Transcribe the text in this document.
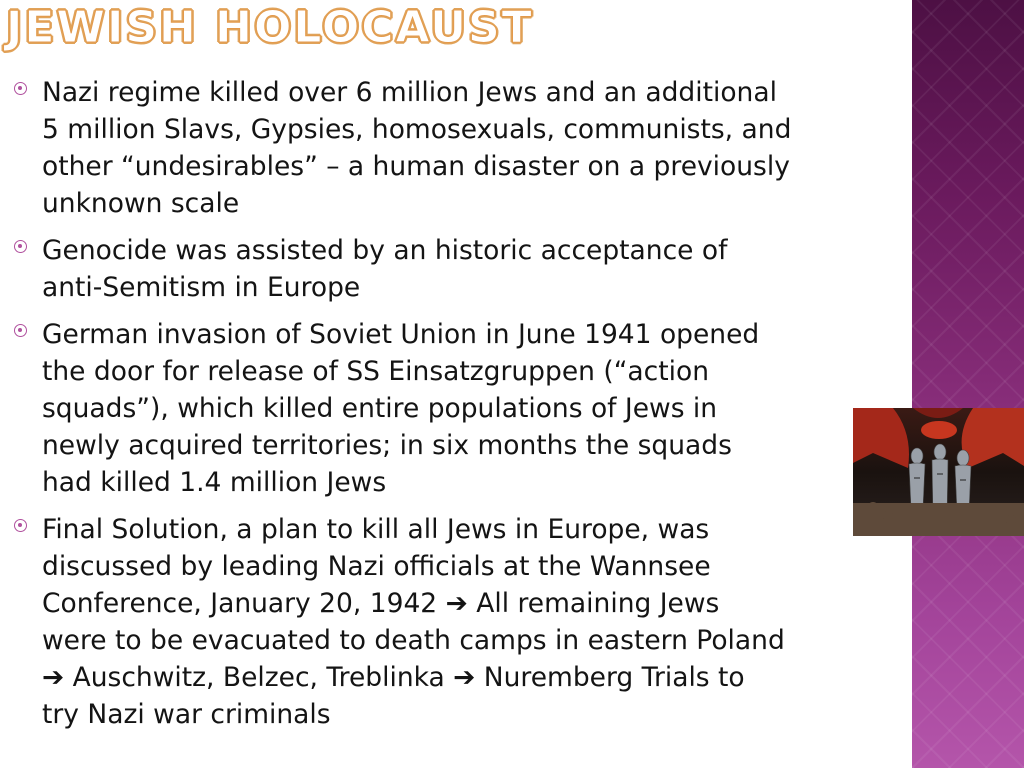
JEWISH HOLOCAUST
Nazi regime killed over 6 million Jews and an additional
5 million Slavs, Gypsies, homosexuals, communists, and
other “undesirables” – a human disaster on a previously
unknown scale
Genocide was assisted by an historic acceptance of
anti-Semitism in Europe
German invasion of Soviet Union in June 1941 opened
the door for release of SS Einsatzgruppen (“action
squads”), which killed entire populations of Jews in
newly acquired territories; in six months the squads
had killed 1.4 million Jews
Final Solution, a plan to kill all Jews in Europe, was
discussed by leading Nazi officials at the Wannsee
Conference, January 20, 1942 ➔ All remaining Jews
were to be evacuated to death camps in eastern Poland
➔ Auschwitz, Belzec, Treblinka ➔ Nuremberg Trials to
try Nazi war criminals
